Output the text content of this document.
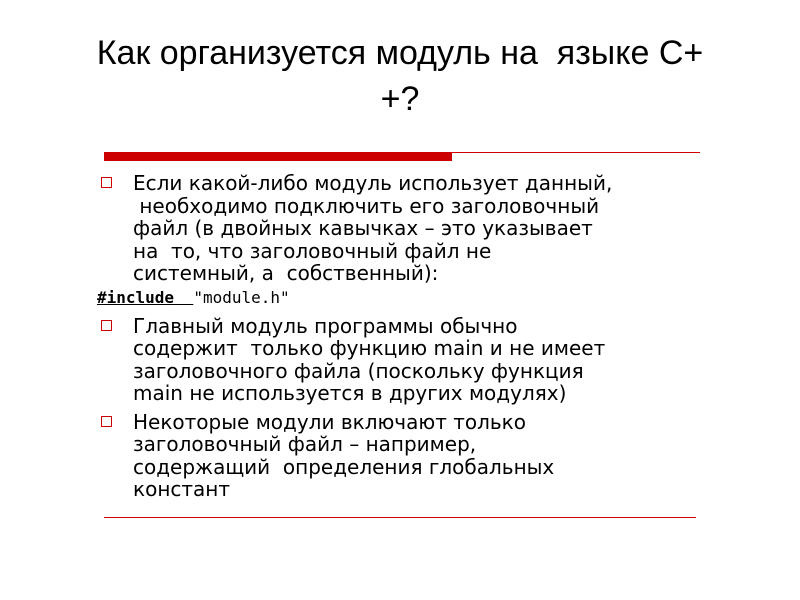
Как организуется модуль на  языке С+
+?
Если какой-либо модуль использует данный,
необходимо подключить его заголовочный
файл (в двойных кавычках – это указывает
на  то, что заголовочный файл не
системный, а  собственный):
#include "module.h"
Главный модуль программы обычно
содержит  только функцию main и не имеет
заголовочного файла (поскольку функция
main не используется в других модулях)
Некоторые модули включают только
заголовочный файл – например,
содержащий  определения глобальных
констант
